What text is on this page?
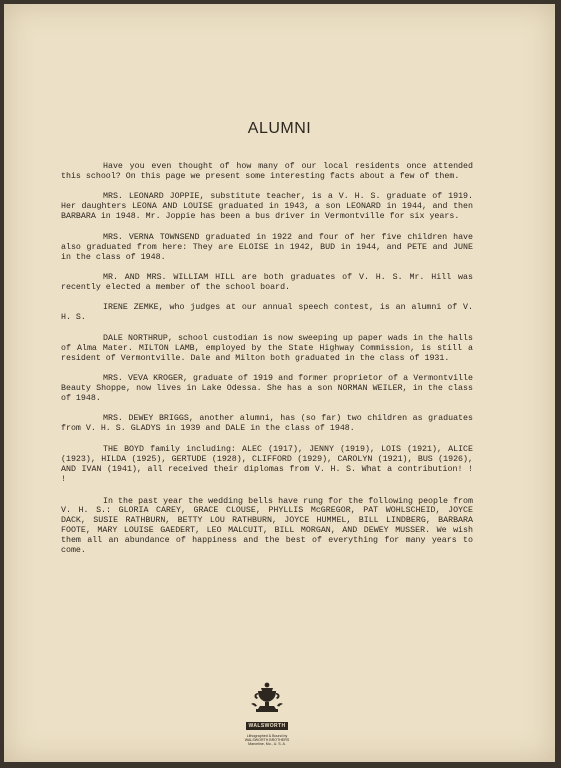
ALUMNI

Have you even thought of how many of our local residents once attended this school? On this page we present some interesting facts about a few of them.

MRS. LEONARD JOPPIE, substitute teacher, is a V. H. S. graduate of 1919. Her daughters LEONA AND LOUISE graduated in 1943, a son LEONARD in 1944, and then BARBARA in 1948. Mr. Joppie has been a bus driver in Vermontville for six years.

MRS. VERNA TOWNSEND graduated in 1922 and four of her five children have also graduated from here: They are ELOISE in 1942, BUD in 1944, and PETE and JUNE in the class of 1948.

MR. AND MRS. WILLIAM HILL are both graduates of V. H. S. Mr. Hill was recently elected a member of the school board.

IRENE ZEMKE, who judges at our annual speech contest, is an alumni of V. H. S.

DALE NORTHRUP, school custodian is now sweeping up paper wads in the halls of Alma Mater. MILTON LAMB, employed by the State Highway Commission, is still a resident of Vermontville. Dale and Milton both graduated in the class of 1931.

MRS. VEVA KROGER, graduate of 1919 and former proprietor of a Vermontville Beauty Shoppe, now lives in Lake Odessa. She has a son NORMAN WEILER, in the class of 1948.

MRS. DEWEY BRIGGS, another alumni, has (so far) two children as graduates from V. H. S. GLADYS in 1939 and DALE in the class of 1948.

THE BOYD family including: ALEC (1917), JENNY (1919), LOIS (1921), ALICE (1923), HILDA (1925), GERTUDE (1928), CLIFFORD (1929), CAROLYN (1921), BUS (1926), AND IVAN (1941), all received their diplomas from V. H. S. What a contribution! ! !

In the past year the wedding bells have rung for the following people from V. H. S.: GLORIA CAREY, GRACE CLOUSE, PHYLLIS McGREGOR, PAT WOHLSCHEID, JOYCE DACK, SUSIE RATHBURN, BETTY LOU RATHBURN, JOYCE HUMMEL, BILL LINDBERG, BARBARA FOOTE, MARY LOUISE GAEDERT, LEO MALCUIT, BILL MORGAN, AND DEWEY MUSSER. We wish them all an abundance of happiness and the best of everything for many years to come.

WALSWORTH
Lithographed & Bound by
WALSWORTH BROTHERS
Marceline, Mo., U. S. A.
